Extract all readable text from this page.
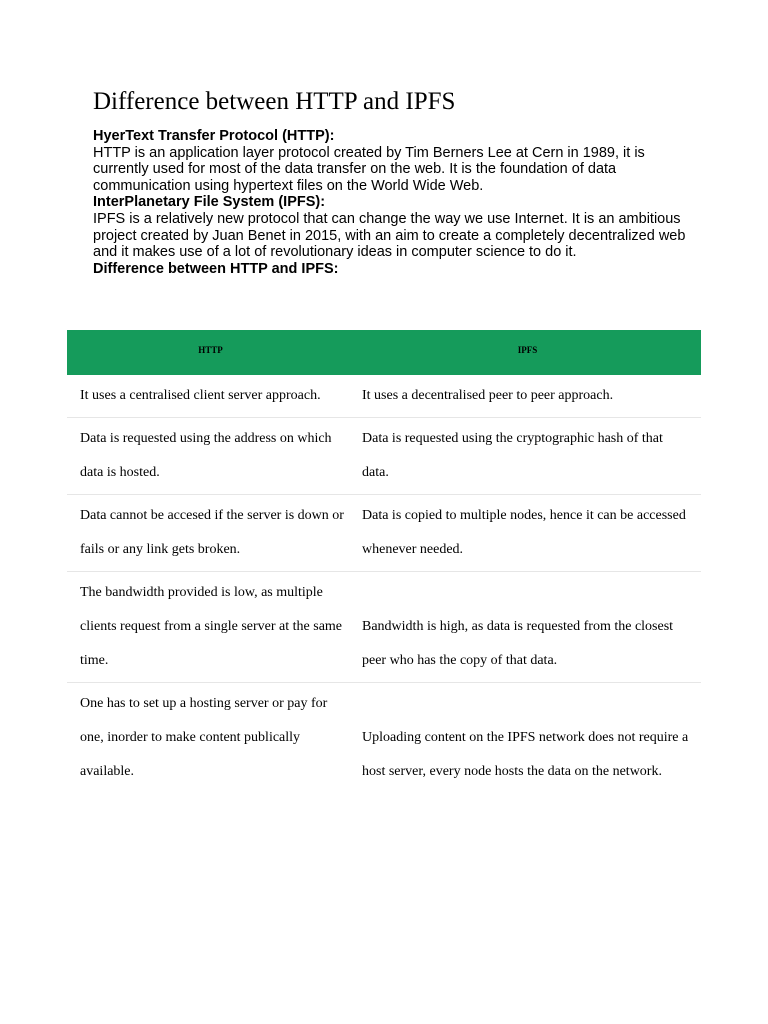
Difference between HTTP and IPFS

HyerText Transfer Protocol (HTTP):

HTTP is an application layer protocol created by Tim Berners Lee at Cern in 1989, it is currently used for most of the data transfer on the web. It is the foundation of data communication using hypertext files on the World Wide Web.

InterPlanetary File System (IPFS):

IPFS is a relatively new protocol that can change the way we use Internet. It is an ambitious project created by Juan Benet in 2015, with an aim to create a completely decentralized web and it makes use of a lot of revolutionary ideas in computer science to do it.

Difference between HTTP and IPFS:

HTTP	IPFS
It uses a centralised client server approach.	It uses a decentralised peer to peer approach.
Data is requested using the address on which data is hosted.	Data is requested using the cryptographic hash of that data.
Data cannot be accesed if the server is down or fails or any link gets broken.	Data is copied to multiple nodes, hence it can be accessed whenever needed.
The bandwidth provided is low, as multiple clients request from a single server at the same time.	Bandwidth is high, as data is requested from the closest peer who has the copy of that data.
One has to set up a hosting server or pay for one, inorder to make content publically available.	Uploading content on the IPFS network does not require a host server, every node hosts the data on the network.
